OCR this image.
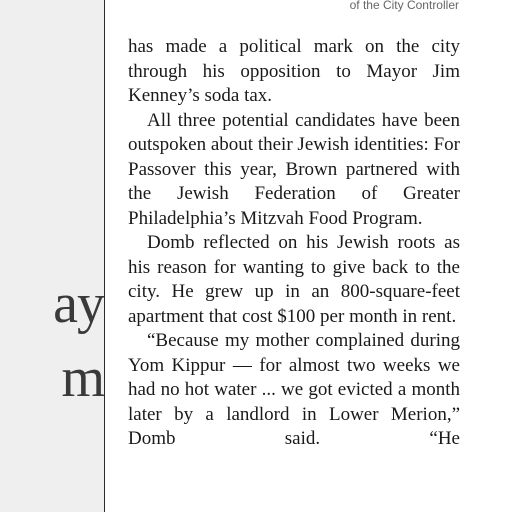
ay
m
of the City Controller

has made a political mark on the city through his opposition to Mayor Jim Kenney’s soda tax.

All three potential candidates have been outspoken about their Jewish identities: For Passover this year, Brown partnered with the Jewish Federation of Greater Philadelphia’s Mitzvah Food Program.

Domb reflected on his Jewish roots as his reason for wanting to give back to the city. He grew up in an 800-square-feet apartment that cost $100 per month in rent.

“Because my mother complained during Yom Kippur — for almost two weeks we had no hot water ... we got evicted a month later by a landlord in Lower Merion,” Domb said. “He
